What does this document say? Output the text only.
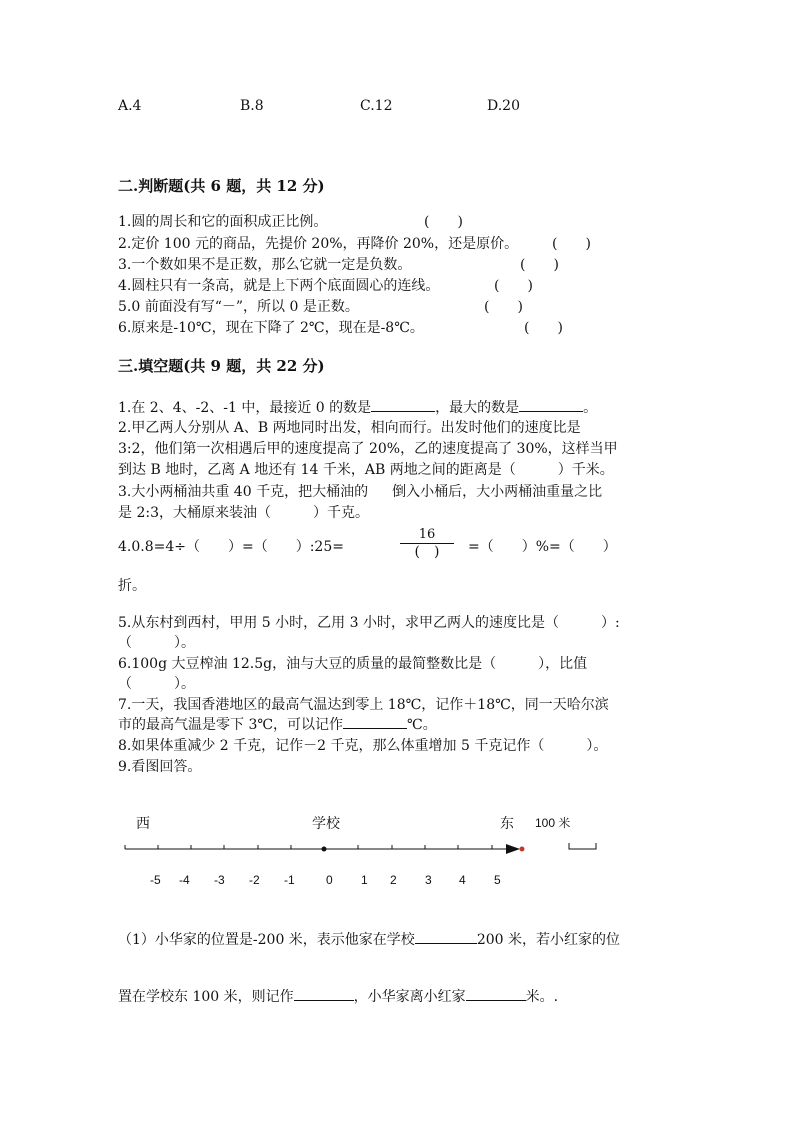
A.4	B.8	C.12	D.20
二.判断题(共 6 题，共 12 分)
1.圆的周长和它的面积成正比例。	(　　)
2.定价 100 元的商品，先提价 20%，再降价 20%，还是原价。 (　　)
3.一个数如果不是正数，那么它就一定是负数。	(　　)
4.圆柱只有一条高，就是上下两个底面圆心的连线。	(　　)
5.0 前面没有写“－”，所以 0 是正数。	(　　)
6.原来是-10℃，现在下降了 2℃，现在是-8℃。	(　　)
三.填空题(共 9 题，共 22 分)
1.在 2、4、-2、-1 中，最接近 0 的数是	，最大的数是	。
2.甲乙两人分别从 A、B 两地同时出发，相向而行。出发时他们的速度比是
3:2，他们第一次相遇后甲的速度提高了 20%，乙的速度提高了 30%，这样当甲
到达 B 地时，乙离 A 地还有 14 千米，AB 两地之间的距离是（　　　）千米。
3.大小两桶油共重 40 千克，把大桶油的 倒入小桶后，大小两桶油重量之比
是 2:3，大桶原来装油（　　　）千克。
4.0.8=4÷（　　）=（　　）:25=
16
(　)	=（　　）%=（　　）
折。
5.从东村到西村，甲用 5 小时，乙用 3 小时，求甲乙两人的速度比是（　　　）:
（　　　）。
6.100g 大豆榨油 12.5g，油与大豆的质量的最简整数比是（　　　），比值
（　　　）。
7.一天，我国香港地区的最高气温达到零上 18℃，记作＋18℃，同一天哈尔滨
市的最高气温是零下 3℃，可以记作	℃。
8.如果体重减少 2 千克，记作－2 千克，那么体重增加 5 千克记作（　　　）。
9.看图回答。
西	学校	东 100 米
-5 -4 -3 -2 -1	0 1 2 3 4 5
（1）小华家的位置是-200 米，表示他家在学校	200 米，若小红家的位
置在学校东 100 米，则记作	，小华家离小红家	米。.
